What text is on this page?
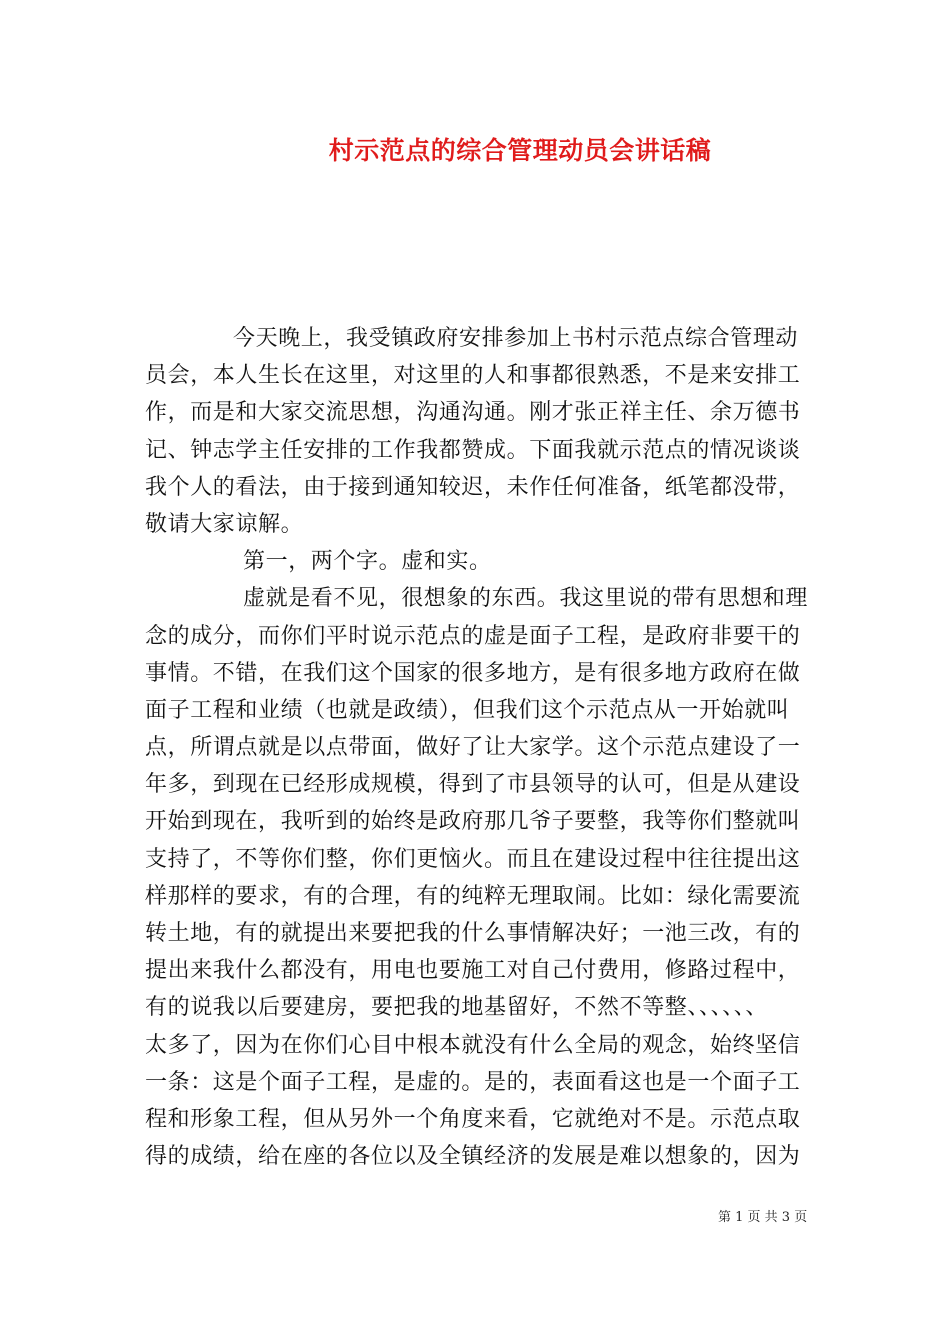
村示范点的综合管理动员会讲话稿
今天晚上，我受镇政府安排参加上书村示范点综合管理动
员会，本人生长在这里，对这里的人和事都很熟悉，不是来安排工
作，而是和大家交流思想，沟通沟通。刚才张正祥主任、余万德书
记、钟志学主任安排的工作我都赞成。下面我就示范点的情况谈谈
我个人的看法，由于接到通知较迟，未作任何准备，纸笔都没带，
敬请大家谅解。
第一，两个字。虚和实。
虚就是看不见，很想象的东西。我这里说的带有思想和理
念的成分，而你们平时说示范点的虚是面子工程，是政府非要干的
事情。不错，在我们这个国家的很多地方，是有很多地方政府在做
面子工程和业绩（也就是政绩），但我们这个示范点从一开始就叫
点，所谓点就是以点带面，做好了让大家学。这个示范点建设了一
年多，到现在已经形成规模，得到了市县领导的认可，但是从建设
开始到现在，我听到的始终是政府那几爷子要整，我等你们整就叫
支持了，不等你们整，你们更恼火。而且在建设过程中往往提出这
样那样的要求，有的合理，有的纯粹无理取闹。比如：绿化需要流
转土地，有的就提出来要把我的什么事情解决好；一池三改，有的
提出来我什么都没有，用电也要施工对自己付费用，修路过程中，
有的说我以后要建房，要把我的地基留好，不然不等整、、、、、、
太多了，因为在你们心目中根本就没有什么全局的观念，始终坚信
一条：这是个面子工程，是虚的。是的，表面看这也是一个面子工
程和形象工程，但从另外一个角度来看，它就绝对不是。示范点取
得的成绩，给在座的各位以及全镇经济的发展是难以想象的，因为
第 1 页 共 3 页
